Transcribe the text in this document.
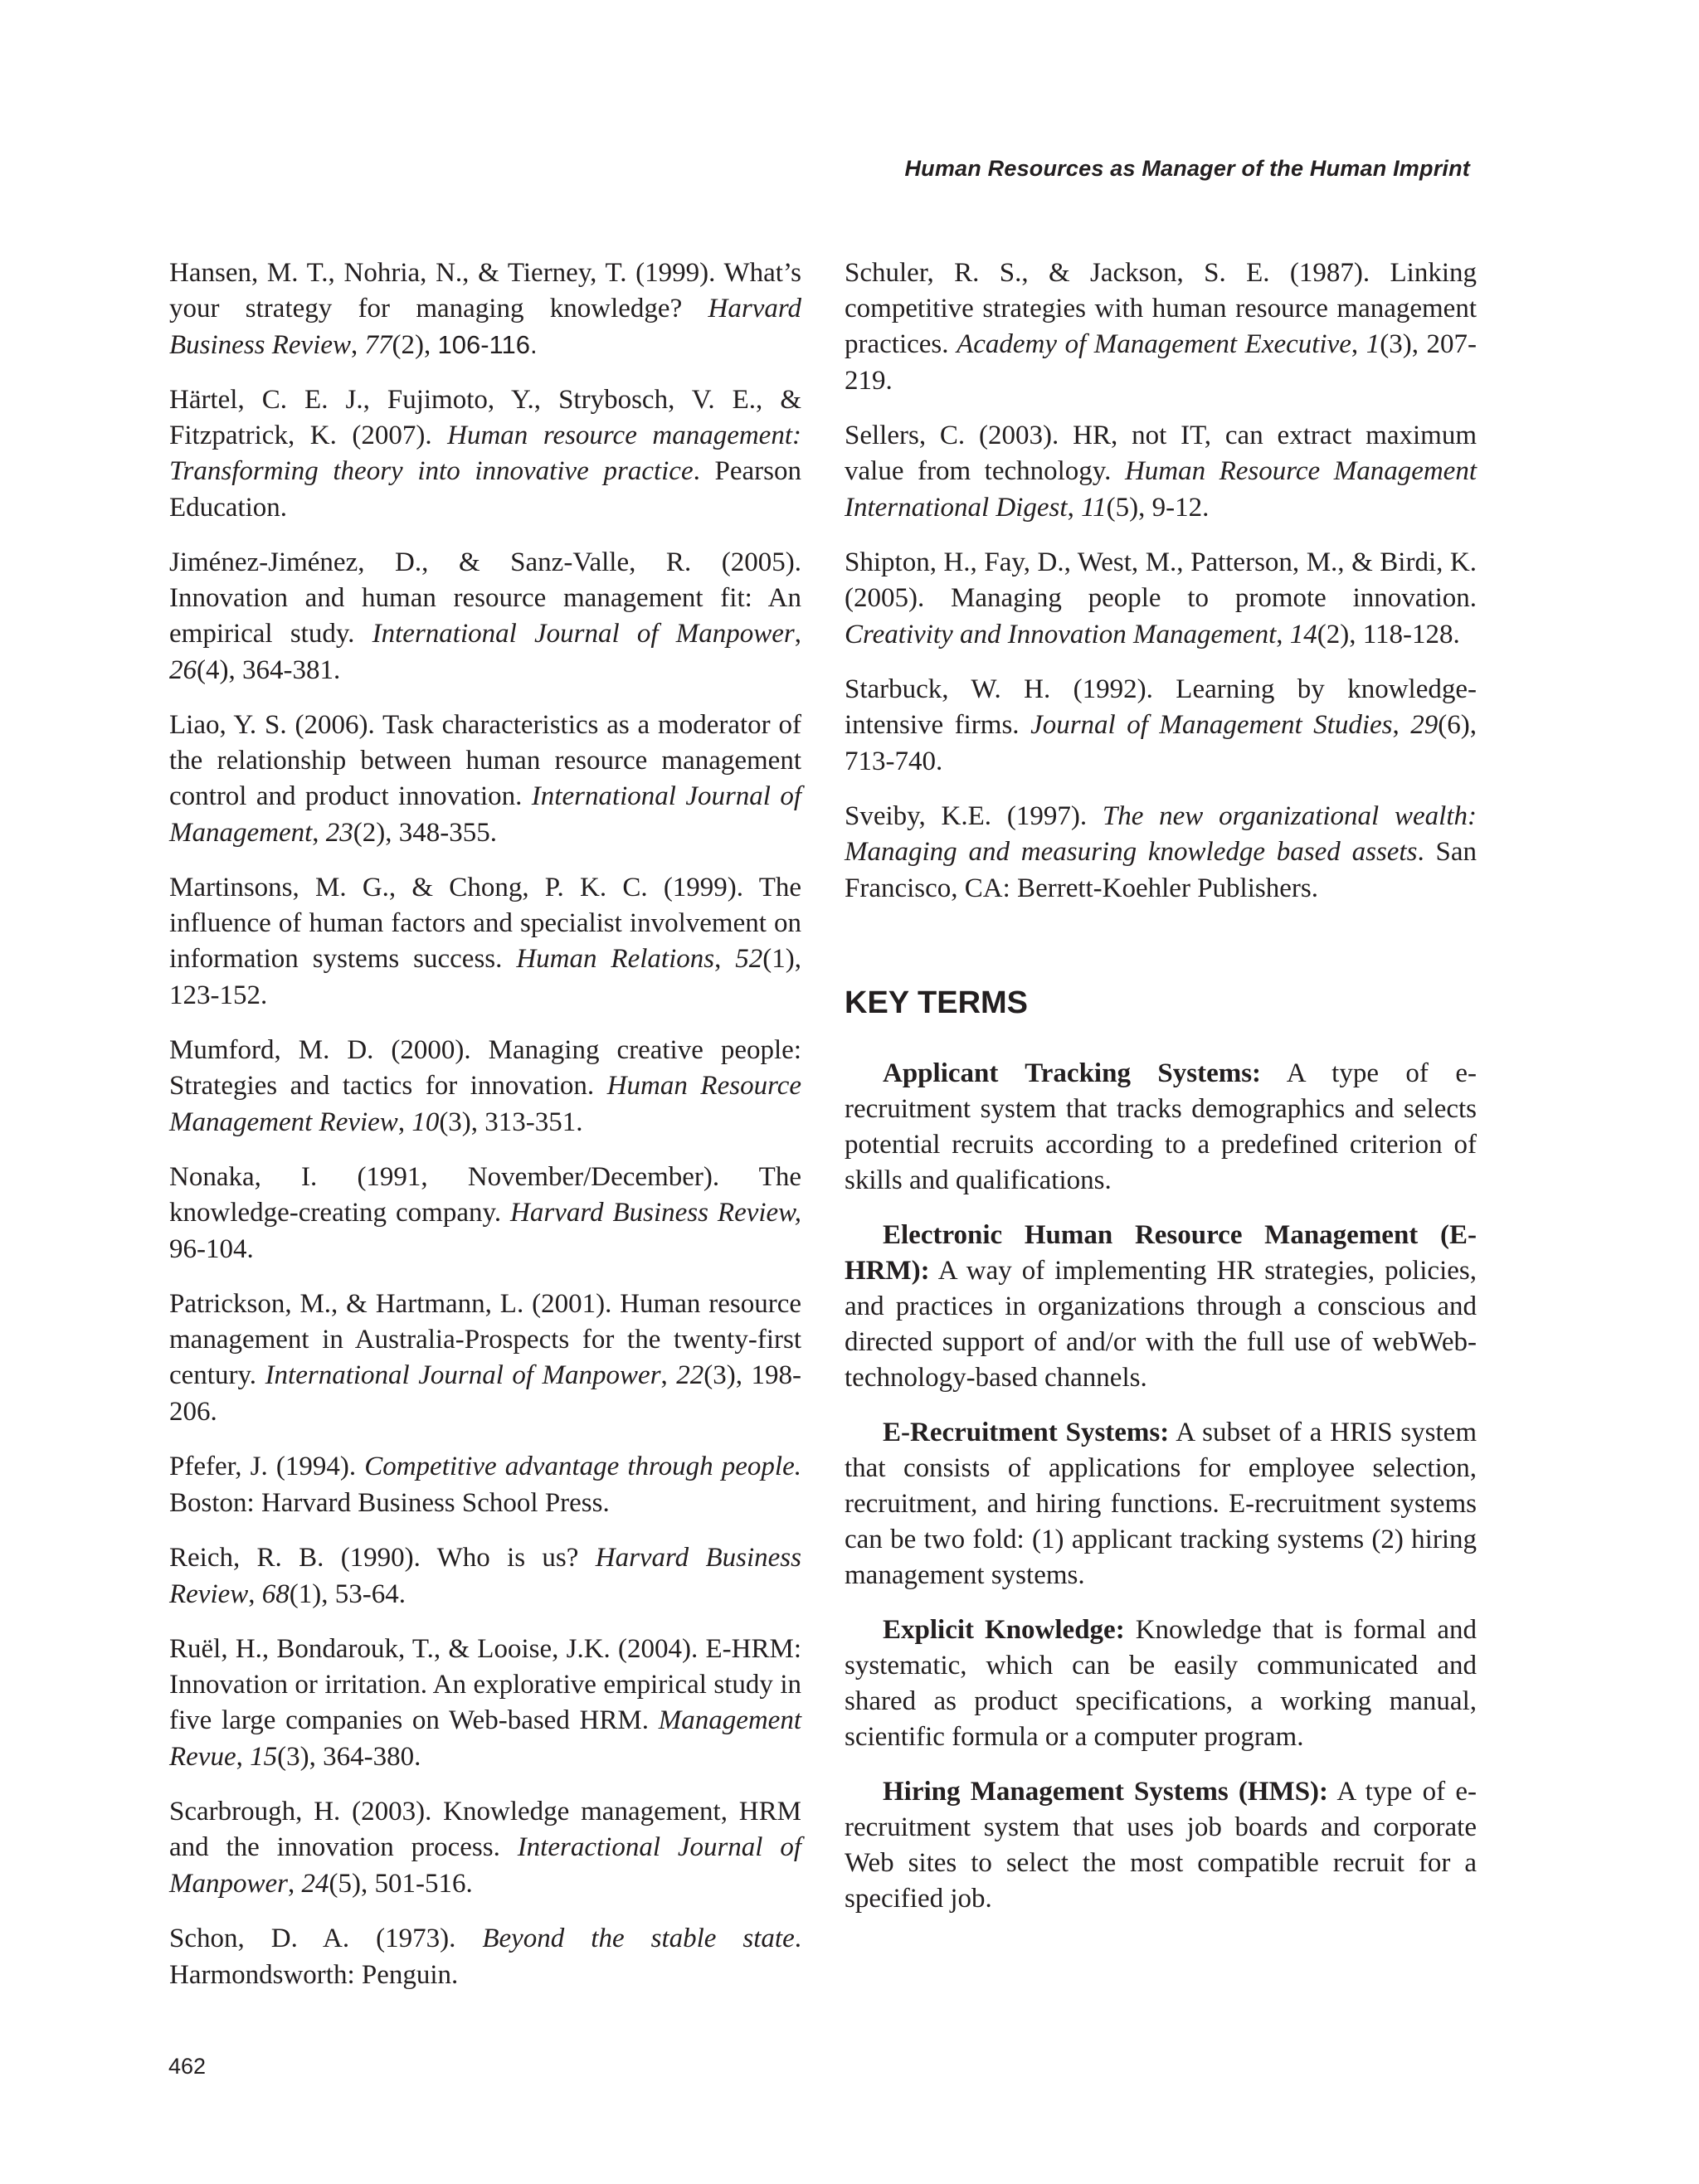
Human Resources as Manager of the Human Imprint
Hansen, M. T., Nohria, N., & Tierney, T. (1999). What’s your strategy for managing knowledge? Harvard Business Review, 77(2), 106-116.
Härtel, C. E. J., Fujimoto, Y., Strybosch, V. E., & Fitzpatrick, K. (2007). Human resource management: Transforming theory into innovative practice. Pearson Education.
Jiménez-Jiménez, D., & Sanz-Valle, R. (2005). Innovation and human resource management fit: An empirical study. International Journal of Manpower, 26(4), 364-381.
Liao, Y. S. (2006). Task characteristics as a moderator of the relationship between human resource management control and product innovation. International Journal of Management, 23(2), 348-355.
Martinsons, M. G., & Chong, P. K. C. (1999). The influence of human factors and specialist involvement on information systems success. Human Relations, 52(1), 123-152.
Mumford, M. D. (2000). Managing creative people: Strategies and tactics for innovation. Human Resource Management Review, 10(3), 313-351.
Nonaka, I. (1991, November/December). The knowledge-creating company. Harvard Business Review, 96-104.
Patrickson, M., & Hartmann, L. (2001). Human resource management in Australia-Prospects for the twenty-first century. International Journal of Manpower, 22(3), 198-206.
Pfefer, J. (1994). Competitive advantage through people. Boston: Harvard Business School Press.
Reich, R. B. (1990). Who is us? Harvard Business Review, 68(1), 53-64.
Ruël, H., Bondarouk, T., & Looise, J.K. (2004). E-HRM: Innovation or irritation. An explorative empirical study in five large companies on Web-based HRM. Management Revue, 15(3), 364-380.
Scarbrough, H. (2003). Knowledge management, HRM and the innovation process. Interactional Journal of Manpower, 24(5), 501-516.
Schon, D. A. (1973). Beyond the stable state. Harmondsworth: Penguin.
Schuler, R. S., & Jackson, S. E. (1987). Linking competitive strategies with human resource management practices. Academy of Management Executive, 1(3), 207-219.
Sellers, C. (2003). HR, not IT, can extract maximum value from technology. Human Resource Management International Digest, 11(5), 9-12.
Shipton, H., Fay, D., West, M., Patterson, M., & Birdi, K. (2005). Managing people to promote innovation. Creativity and Innovation Management, 14(2), 118-128.
Starbuck, W. H. (1992). Learning by knowledge-intensive firms. Journal of Management Studies, 29(6), 713-740.
Sveiby, K.E. (1997). The new organizational wealth: Managing and measuring knowledge based assets. San Francisco, CA: Berrett-Koehler Publishers.
KEY TERMS
Applicant Tracking Systems: A type of e-recruitment system that tracks demographics and selects potential recruits according to a predefined criterion of skills and qualifications.
Electronic Human Resource Management (E-HRM): A way of implementing HR strategies, policies, and practices in organizations through a conscious and directed support of and/or with the full use of webWeb-technology-based channels.
E-Recruitment Systems: A subset of a HRIS system that consists of applications for employee selection, recruitment, and hiring functions. E-recruitment systems can be two fold: (1) applicant tracking systems (2) hiring management systems.
Explicit Knowledge: Knowledge that is formal and systematic, which can be easily communicated and shared as product specifications, a working manual, scientific formula or a computer program.
Hiring Management Systems (HMS): A type of e-recruitment system that uses job boards and corporate Web sites to select the most compatible recruit for a specified job.
462
